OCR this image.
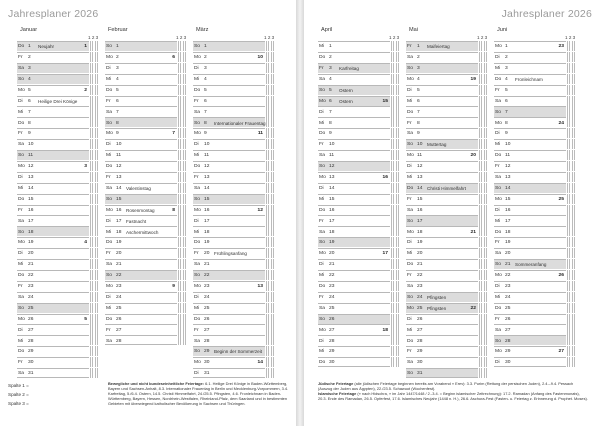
Jahresplaner 2026
Januar
1 2 3
Do 1 Neujahr	1
Fr 2
Sa 3
So 4
Mo 5	2
Di 6 Heilige Drei Könige
Mi 7
Do 8
Fr 9
Sa 10
So 11
Mo 12	3
Di 13
Mi 14
Do 15
Fr 16
Sa 17
So 18
Mo 19	4
Di 20
Mi 21
Do 22
Fr 23
Sa 24
So 25
Mo 26	5
Di 27
Mi 28
Do 29
Fr 30
Sa 31
Februar
1 2 3
So 1
Mo 2	6
Di 3
Mi 4
Do 5
Fr 6
Sa 7
So 8
Mo 9	7
Di 10
Mi 11
Do 12
Fr 13
Sa 14 Valentinstag
So 15
Mo 16 Rosenmontag	8
Di 17 Fastnacht
Mi 18 Aschermittwoch
Do 19
Fr 20
Sa 21
So 22
Mo 23	9
Di 24
Mi 25
Do 26
Fr 27
Sa 28
März
1 2 3
So 1
Mo 2	10
Di 3
Mi 4
Do 5
Fr 6
Sa 7
So 8 Internationaler Frauentag
Mo 9	11
Di 10
Mi 11
Do 12
Fr 13
Sa 14
So 15
Mo 16	12
Di 17
Mi 18
Do 19
Fr 20 Frühlingsanfang
Sa 21
So 22
Mo 23	13
Di 24
Mi 25
Do 26
Fr 27
Sa 28
So 29 Beginn der Sommerzeit
Mo 30	14
Di 31
Spalte 1 =
Spalte 2 =
Spalte 3 =
Bewegliche und nicht bundeseinheitliche Feiertage: 6.1. Heilige Drei Könige in Baden-Württemberg, Bayern und Sachsen-Anhalt, 8.3. Internationaler Frauentag in Berlin und Mecklenburg-Vorpommern, 3.4. Karfreitag, 5./6.4. Ostern, 14.5. Christi Himmelfahrt, 24./25.5. Pfingsten, 4.6. Fronleichnam in Baden-Württemberg, Bayern, Hessen, Nordrhein-Westfalen, Rheinland-Pfalz, dem Saarland und in bestimmten Gebieten mit überwiegend katholischer Bevölkerung in Sachsen und Thüringen.
Jahresplaner 2026
April
1 2 3
Mi 1
Do 2
Fr 3 Karfreitag
Sa 4
So 5 Ostern
Mo 6 Ostern	15
Di 7
Mi 8
Do 9
Fr 10
Sa 11
So 12
Mo 13	16
Di 14
Mi 15
Do 16
Fr 17
Sa 18
So 19
Mo 20	17
Di 21
Mi 22
Do 23
Fr 24
Sa 25
So 26
Mo 27	18
Di 28
Mi 29
Do 30
Mai
1 2 3
Fr 1 Maifeiertag
Sa 2
So 3
Mo 4	19
Di 5
Mi 6
Do 7
Fr 8
Sa 9
So 10 Muttertag
Mo 11	20
Di 12
Mi 13
Do 14 Christi Himmelfahrt
Fr 15
Sa 16
So 17
Mo 18	21
Di 19
Mi 20
Do 21
Fr 22
Sa 23
So 24 Pfingsten
Mo 25 Pfingsten	22
Di 26
Mi 27
Do 28
Fr 29
Sa 30
So 31
Juni
1 2 3
Mo 1	23
Di 2
Mi 3
Do 4 Fronleichnam
Fr 5
Sa 6
So 7
Mo 8	24
Di 9
Mi 10
Do 11
Fr 12
Sa 13
So 14
Mo 15	25
Di 16
Mi 17
Do 18
Fr 19
Sa 20
So 21 Sommeranfang
Mo 22	26
Di 23
Mi 24
Do 25
Fr 26
Sa 27
So 28
Mo 29	27
Di 30
Jüdische Feiertage (alle jüdischen Feiertage beginnen bereits am Vorabend » Erev): 3.3. Purim (Rettung der persischen Juden), 2.4.–9.4. Pessach (Auszug der Juden aus Ägypten), 22./23.5. Schawuot (Wochenfest).
Islamische Feiertage (» nach Hidschra, » im Jahr 1447/1448 / 2.-3.4. = Beginn islamischer Zeitrechnung): 17.2. Ramadan (Anfang des Fastenmonats), 20.3. Ende des Ramadan, 26.5. Opferfest, 17.6. Islamisches Neujahr (1448 n. H.), 26.6. Aschura-Fest (Fasten- u. Feiertag z. Erinnerung d. Prophet. Moses).
